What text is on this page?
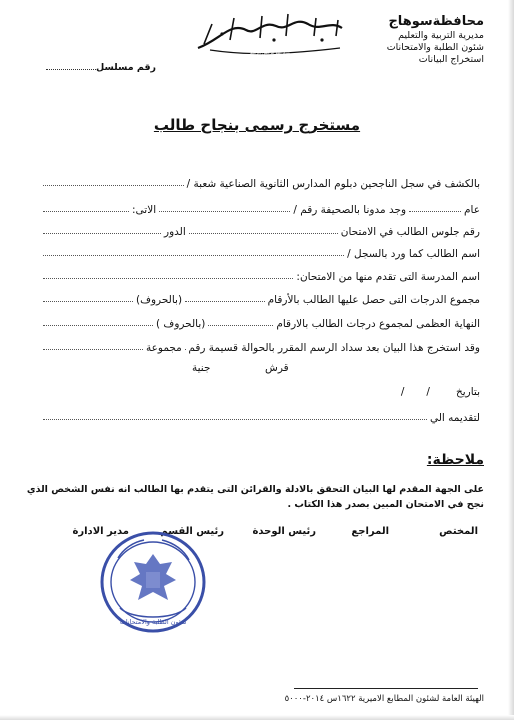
محافظةسوهاج
مديرية التربية والتعليم
شئون الطلبة والامتحانات
استخراج البيانات
بسم الله الرحمن الرحيم
رقم مسلسل
مستخرج رسمى بنجاح طالب
بالكشف في سجل الناجحين دبلوم المدارس الثانوية الصناعية شعبة /
عام
وجد مدونا بالصحيفة رقم /
الاتى:
رقم جلوس الطالب في الامتحان
الدور
اسم الطالب كما ورد بالسجل /
اسم المدرسة التى تقدم منها من الامتحان:
مجموع الدرجات التى حصل عليها الطالب بالأرقام
(بالحروف)
النهاية العظمى لمجموع درجات الطالب بالارقام
(بالحروف )
وقد استخرج هذا البيان بعد سداد الرسم المقرر بالحوالة قسيمة رقم
مجموعة
قرش
جنية
بتاريخ
/
/
لتقديمه الي
ملاحظة:
على الجهة المقدم لها البيان التحقق بالادلة والقرائن التى يتقدم بها الطالب انه نفس الشخص الذي نجح في الامتحان المبين بصدر هذا الكتاب .
المختص
المراجع
رئيس الوحدة
رئيس القسم
مدير الادارة
شئون الطلبة والامتحانات
الهيئة العامة لشئون المطابع الاميرية ١٦٢٢س ٢٠١٤-٥٠٠٠
